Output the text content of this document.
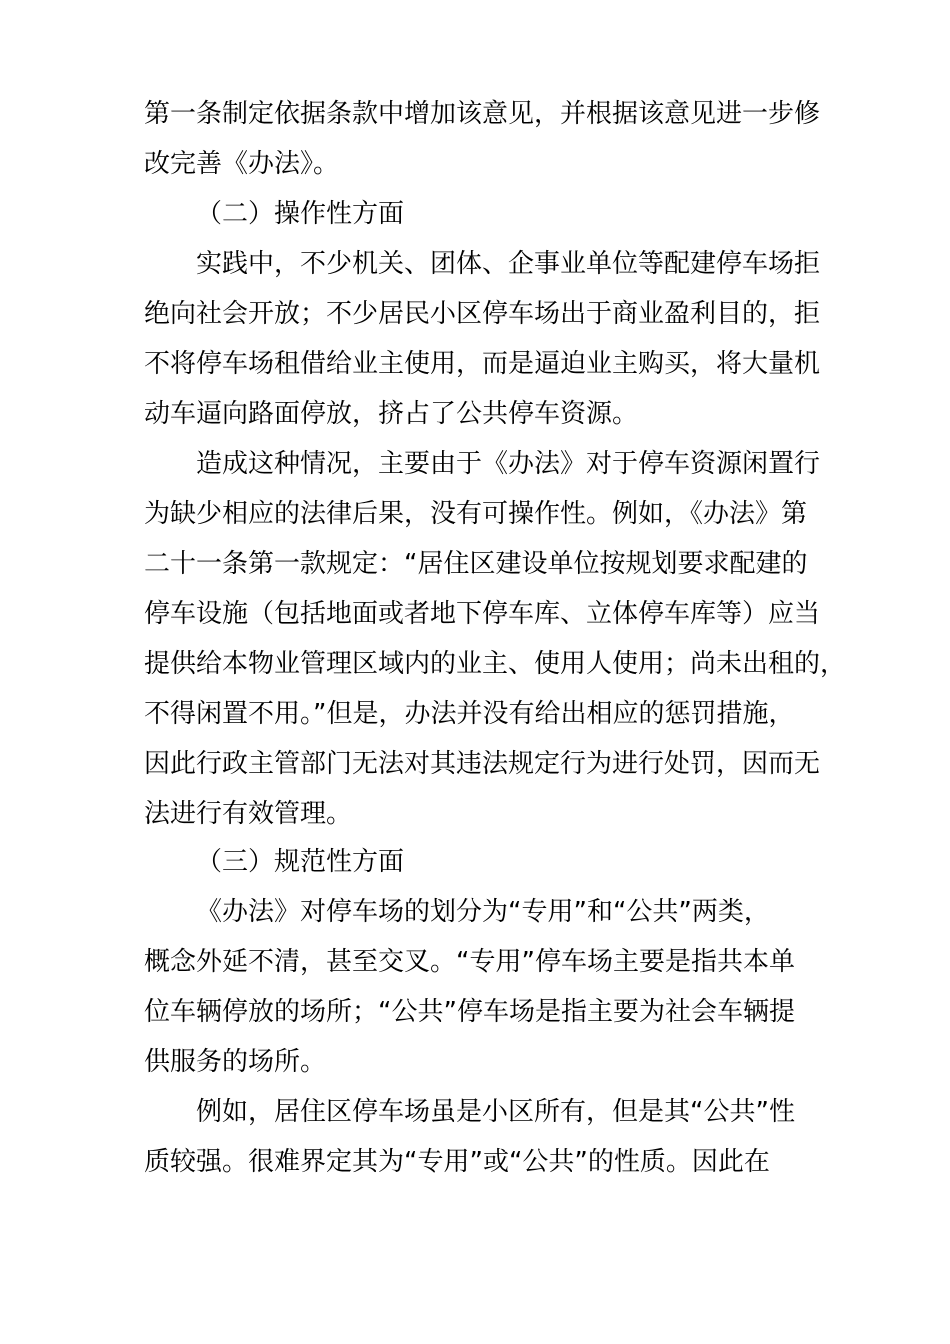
第一条制定依据条款中增加该意见，并根据该意见进一步修
改完善《办法》。
（二）操作性方面
实践中，不少机关、团体、企事业单位等配建停车场拒
绝向社会开放；不少居民小区停车场出于商业盈利目的，拒
不将停车场租借给业主使用，而是逼迫业主购买，将大量机
动车逼向路面停放，挤占了公共停车资源。
造成这种情况，主要由于《办法》对于停车资源闲置行
为缺少相应的法律后果，没有可操作性。例如，《办法》第
二十一条第一款规定：“居住区建设单位按规划要求配建的
停车设施（包括地面或者地下停车库、立体停车库等）应当
提供给本物业管理区域内的业主、使用人使用；尚未出租的，
不得闲置不用。”但是，办法并没有给出相应的惩罚措施，
因此行政主管部门无法对其违法规定行为进行处罚，因而无
法进行有效管理。
（三）规范性方面
《办法》对停车场的划分为“专用”和“公共”两类，
概念外延不清，甚至交叉。“专用”停车场主要是指共本单
位车辆停放的场所；“公共”停车场是指主要为社会车辆提
供服务的场所。
例如，居住区停车场虽是小区所有，但是其“公共”性
质较强。很难界定其为“专用”或“公共”的性质。因此在
